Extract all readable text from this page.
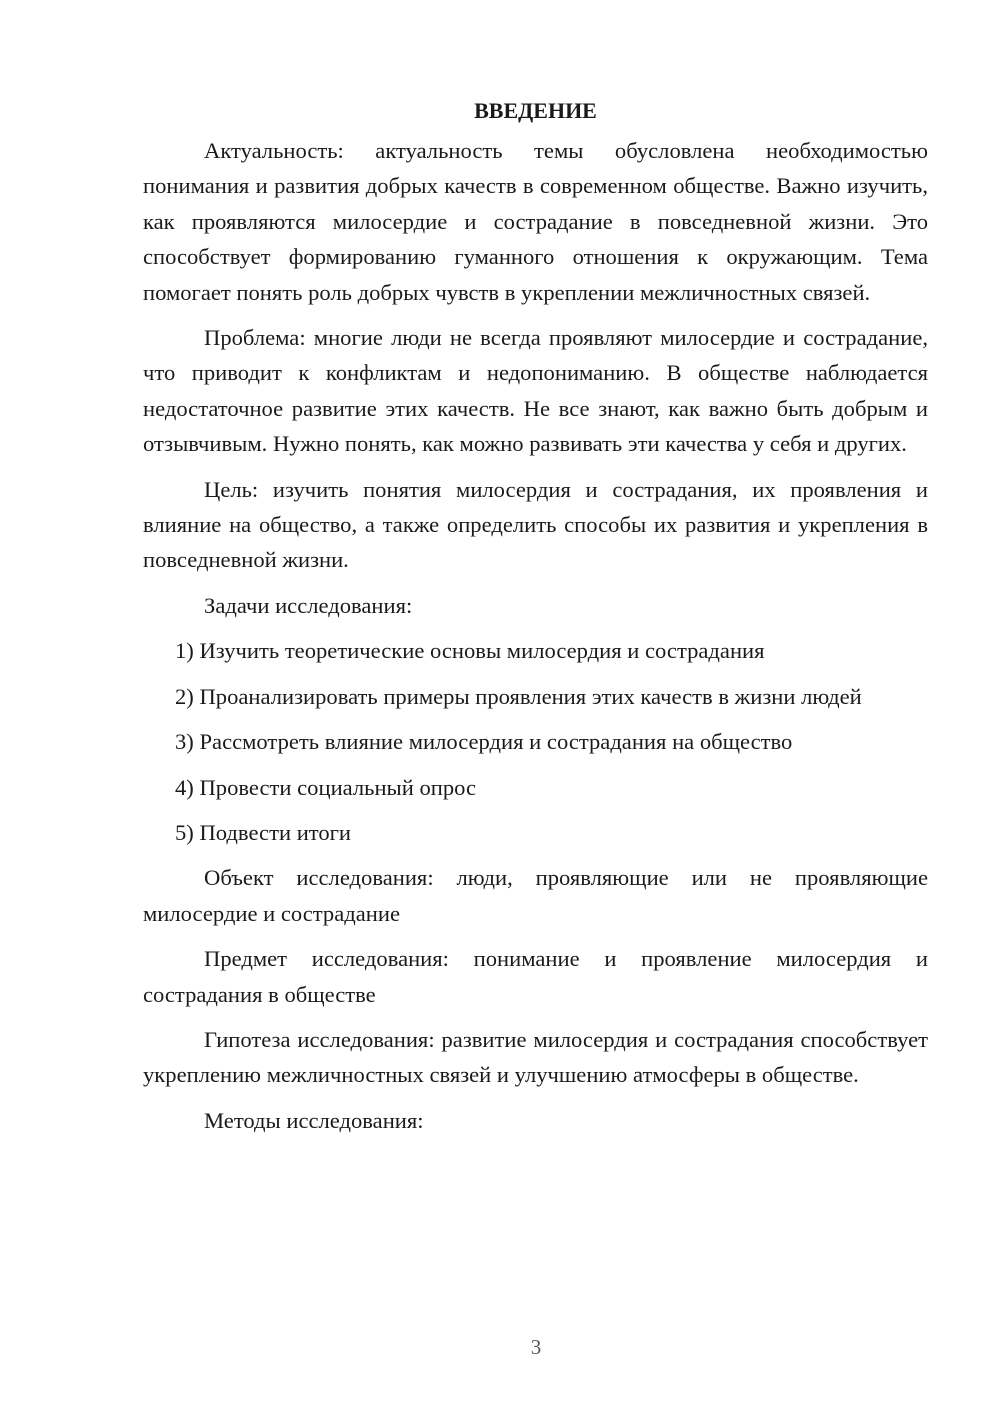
ВВЕДЕНИЕ

Актуальность: актуальность темы обусловлена необходимостью понимания и развития добрых качеств в современном обществе. Важно изучить, как проявляются милосердие и сострадание в повседневной жизни. Это способствует формированию гуманного отношения к окружающим. Тема помогает понять роль добрых чувств в укреплении межличностных связей.

Проблема: многие люди не всегда проявляют милосердие и сострадание, что приводит к конфликтам и недопониманию. В обществе наблюдается недостаточное развитие этих качеств. Не все знают, как важно быть добрым и отзывчивым. Нужно понять, как можно развивать эти качества у себя и других.

Цель: изучить понятия милосердия и сострадания, их проявления и влияние на общество, а также определить способы их развития и укрепления в повседневной жизни.

Задачи исследования:

1) Изучить теоретические основы милосердия и сострадания

2) Проанализировать примеры проявления этих качеств в жизни людей

3) Рассмотреть влияние милосердия и сострадания на общество

4) Провести социальный опрос

5) Подвести итоги

Объект исследования: люди, проявляющие или не проявляющие милосердие и сострадание

Предмет исследования: понимание и проявление милосердия и сострадания в обществе

Гипотеза исследования: развитие милосердия и сострадания способствует укреплению межличностных связей и улучшению атмосферы в обществе.

Методы исследования:

3
